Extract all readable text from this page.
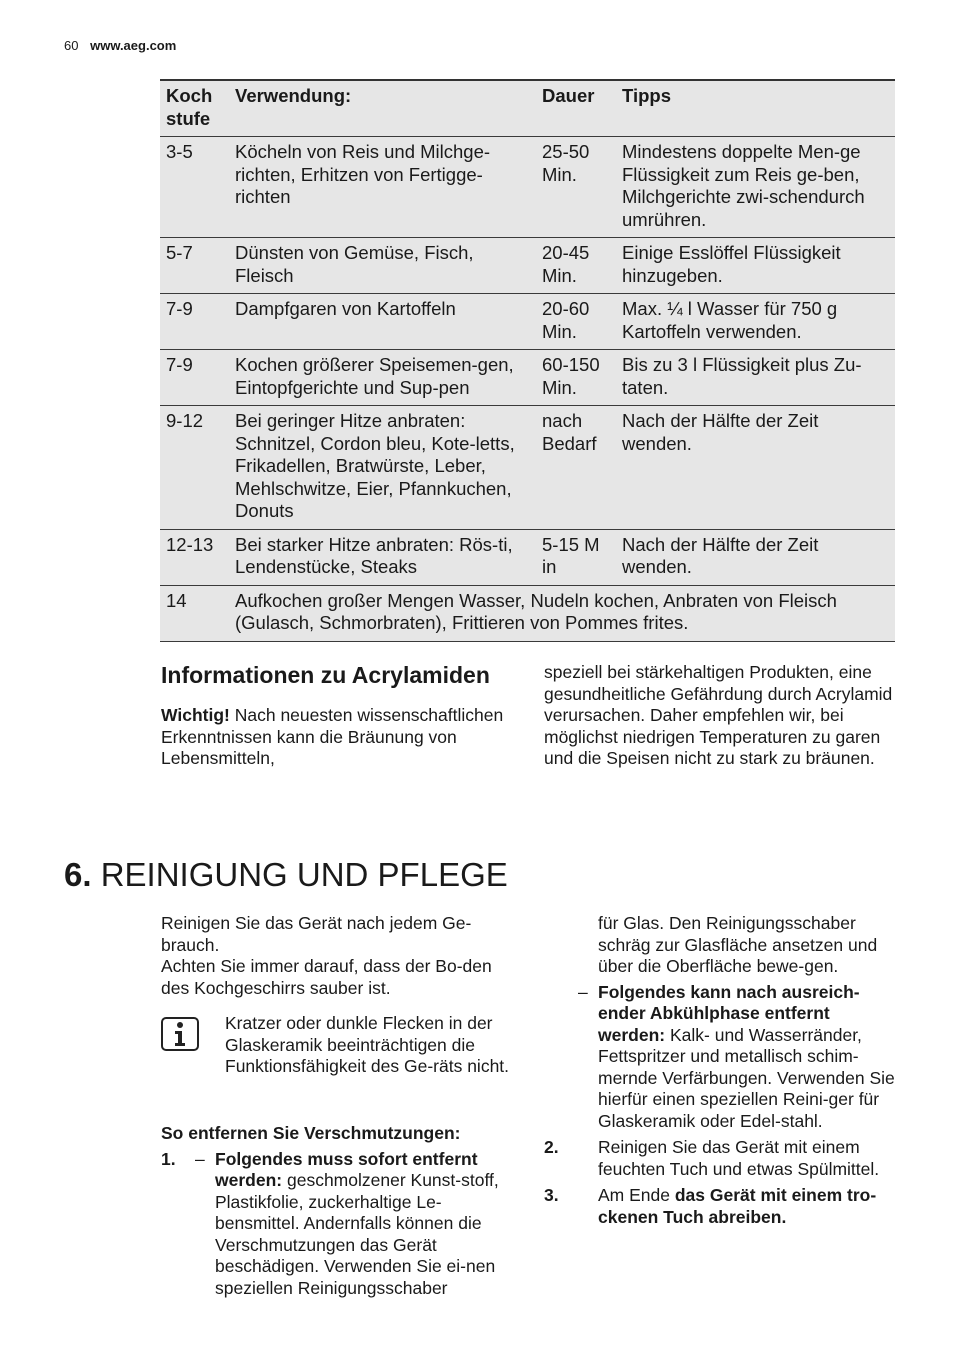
60 www.aeg.com
Koch stufe	Verwendung:	Dauer	Tipps
3-5	Köcheln von Reis und Milchge-richten, Erhitzen von Fertigge-richten	25-50 Min.	Mindestens doppelte Men-ge Flüssigkeit zum Reis ge-ben, Milchgerichte zwi-schendurch umrühren.
5-7	Dünsten von Gemüse, Fisch, Fleisch	20-45 Min.	Einige Esslöffel Flüssigkeit hinzugeben.
7-9	Dampfgaren von Kartoffeln	20-60 Min.	Max. ¼ l Wasser für 750 g Kartoffeln verwenden.
7-9	Kochen größerer Speisemen-gen, Eintopfgerichte und Sup-pen	60-150 Min.	Bis zu 3 l Flüssigkeit plus Zu-taten.
9-12	Bei geringer Hitze anbraten: Schnitzel, Cordon bleu, Kote-letts, Frikadellen, Bratwürste, Leber, Mehlschwitze, Eier, Pfannkuchen, Donuts	nach Bedarf	Nach der Hälfte der Zeit wenden.
12-13	Bei starker Hitze anbraten: Rös-ti, Lendenstücke, Steaks	5-15 M in	Nach der Hälfte der Zeit wenden.
14	Aufkochen großer Mengen Wasser, Nudeln kochen, Anbraten von Fleisch (Gulasch, Schmorbraten), Frittieren von Pommes frites.		
Informationen zu Acrylamiden
Wichtig! Nach neuesten wissenschaftlichen Erkenntnissen kann die Bräunung von Lebensmitteln,
speziell bei stärkehaltigen Produkten, eine gesundheitliche Gefährdung durch Acrylamid verursachen. Daher empfehlen wir, bei möglichst niedrigen Temperaturen zu garen und die Speisen nicht zu stark zu bräunen.
6. REINIGUNG UND PFLEGE
Reinigen Sie das Gerät nach jedem Ge-brauch.
Achten Sie immer darauf, dass der Bo-den des Kochgeschirrs sauber ist.
Kratzer oder dunkle Flecken in der Glaskeramik beeinträchtigen die Funktionsfähigkeit des Ge-räts nicht.
So entfernen Sie Verschmutzungen:
1. – Folgendes muss sofort entfernt werden: geschmolzener Kunst-stoff, Plastikfolie, zuckerhaltige Le-bensmittel. Andernfalls können die Verschmutzungen das Gerät beschädigen. Verwenden Sie ei-nen speziellen Reinigungsschaber
für Glas. Den Reinigungsschaber schräg zur Glasfläche ansetzen und über die Oberfläche bewe-gen.
– Folgendes kann nach ausreich-ender Abkühlphase entfernt werden: Kalk- und Wasserränder, Fettspritzer und metallisch schim-mernde Verfärbungen. Verwenden Sie hierfür einen speziellen Reini-ger für Glaskeramik oder Edel-stahl.
2. Reinigen Sie das Gerät mit einem feuchten Tuch und etwas Spülmittel.
3. Am Ende das Gerät mit einem tro-ckenen Tuch abreiben.
